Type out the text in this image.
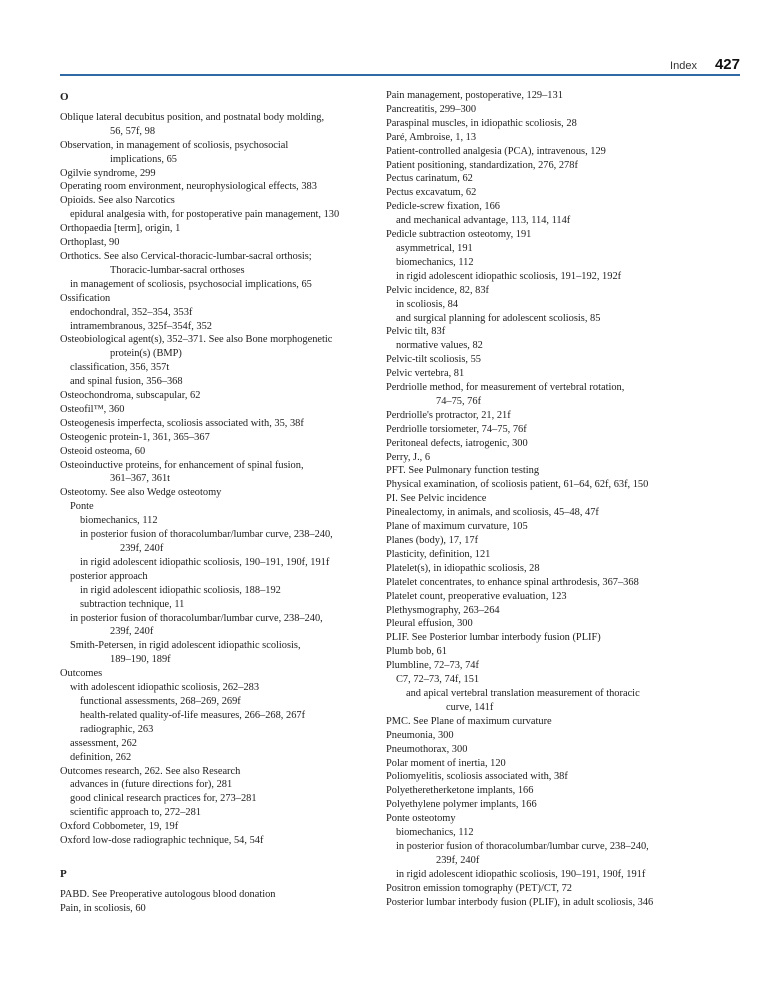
Index 427
O
Oblique lateral decubitus position, and postnatal body molding,
56, 57f, 98
Observation, in management of scoliosis, psychosocial
implications, 65
Ogilvie syndrome, 299
Operating room environment, neurophysiological effects, 383
Opioids. See also Narcotics
epidural analgesia with, for postoperative pain management, 130
Orthopaedia [term], origin, 1
Orthoplast, 90
Orthotics. See also Cervical-thoracic-lumbar-sacral orthosis;
Thoracic-lumbar-sacral orthoses
in management of scoliosis, psychosocial implications, 65
Ossification
endochondral, 352–354, 353f
intramembranous, 325f–354f, 352
Osteobiological agent(s), 352–371. See also Bone morphogenetic
protein(s) (BMP)
classification, 356, 357t
and spinal fusion, 356–368
Osteochondroma, subscapular, 62
Osteofil™, 360
Osteogenesis imperfecta, scoliosis associated with, 35, 38f
Osteogenic protein-1, 361, 365–367
Osteoid osteoma, 60
Osteoinductive proteins, for enhancement of spinal fusion,
361–367, 361t
Osteotomy. See also Wedge osteotomy
Ponte
biomechanics, 112
in posterior fusion of thoracolumbar/lumbar curve, 238–240,
239f, 240f
in rigid adolescent idiopathic scoliosis, 190–191, 190f, 191f
posterior approach
in rigid adolescent idiopathic scoliosis, 188–192
subtraction technique, 11
in posterior fusion of thoracolumbar/lumbar curve, 238–240,
239f, 240f
Smith-Petersen, in rigid adolescent idiopathic scoliosis,
189–190, 189f
Outcomes
with adolescent idiopathic scoliosis, 262–283
functional assessments, 268–269, 269f
health-related quality-of-life measures, 266–268, 267f
radiographic, 263
assessment, 262
definition, 262
Outcomes research, 262. See also Research
advances in (future directions for), 281
good clinical research practices for, 273–281
scientific approach to, 272–281
Oxford Cobbometer, 19, 19f
Oxford low-dose radiographic technique, 54, 54f
P
PABD. See Preoperative autologous blood donation
Pain, in scoliosis, 60
Pain management, postoperative, 129–131
Pancreatitis, 299–300
Paraspinal muscles, in idiopathic scoliosis, 28
Paré, Ambroise, 1, 13
Patient-controlled analgesia (PCA), intravenous, 129
Patient positioning, standardization, 276, 278f
Pectus carinatum, 62
Pectus excavatum, 62
Pedicle-screw fixation, 166
and mechanical advantage, 113, 114, 114f
Pedicle subtraction osteotomy, 191
asymmetrical, 191
biomechanics, 112
in rigid adolescent idiopathic scoliosis, 191–192, 192f
Pelvic incidence, 82, 83f
in scoliosis, 84
and surgical planning for adolescent scoliosis, 85
Pelvic tilt, 83f
normative values, 82
Pelvic-tilt scoliosis, 55
Pelvic vertebra, 81
Perdriolle method, for measurement of vertebral rotation,
74–75, 76f
Perdriolle's protractor, 21, 21f
Perdriolle torsiometer, 74–75, 76f
Peritoneal defects, iatrogenic, 300
Perry, J., 6
PFT. See Pulmonary function testing
Physical examination, of scoliosis patient, 61–64, 62f, 63f, 150
PI. See Pelvic incidence
Pinealectomy, in animals, and scoliosis, 45–48, 47f
Plane of maximum curvature, 105
Planes (body), 17, 17f
Plasticity, definition, 121
Platelet(s), in idiopathic scoliosis, 28
Platelet concentrates, to enhance spinal arthrodesis, 367–368
Platelet count, preoperative evaluation, 123
Plethysmography, 263–264
Pleural effusion, 300
PLIF. See Posterior lumbar interbody fusion (PLIF)
Plumb bob, 61
Plumbline, 72–73, 74f
C7, 72–73, 74f, 151
and apical vertebral translation measurement of thoracic
curve, 141f
PMC. See Plane of maximum curvature
Pneumonia, 300
Pneumothorax, 300
Polar moment of inertia, 120
Poliomyelitis, scoliosis associated with, 38f
Polyetheretherketone implants, 166
Polyethylene polymer implants, 166
Ponte osteotomy
biomechanics, 112
in posterior fusion of thoracolumbar/lumbar curve, 238–240,
239f, 240f
in rigid adolescent idiopathic scoliosis, 190–191, 190f, 191f
Positron emission tomography (PET)/CT, 72
Posterior lumbar interbody fusion (PLIF), in adult scoliosis, 346
